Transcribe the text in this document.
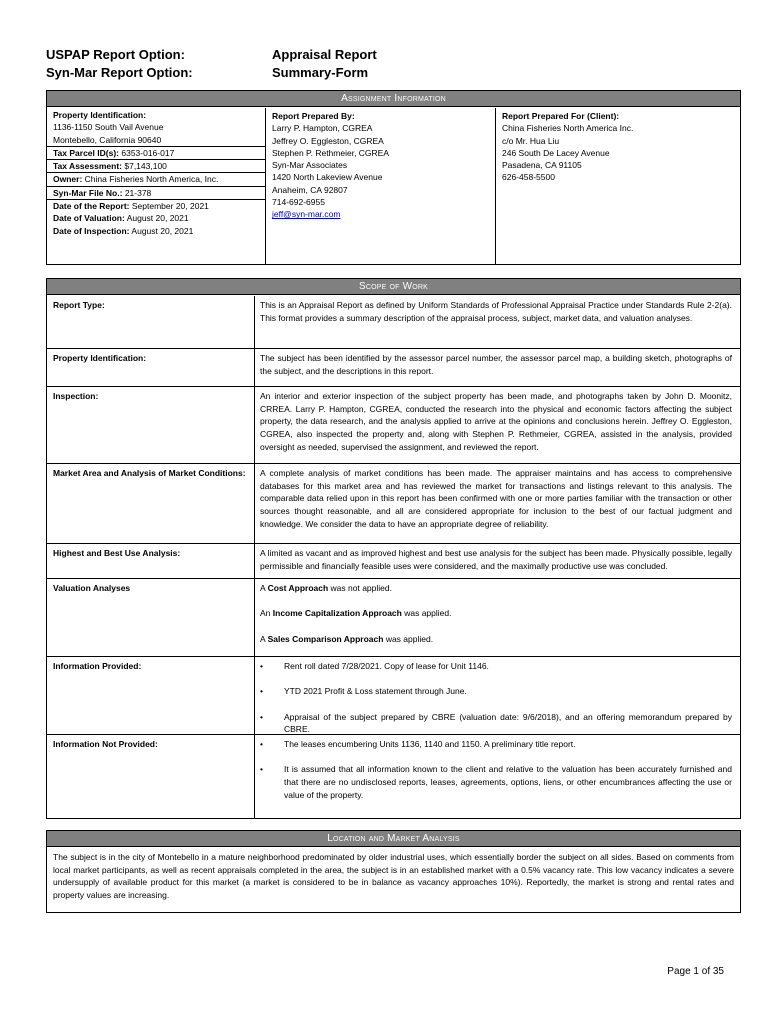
USPAP Report Option:
Syn-Mar Report Option:
Appraisal Report
Summary-Form
Assignment Information
Property Identification:
1136-1150 South Vail Avenue
Montebello, California 90640
Tax Parcel ID(s): 6353-016-017
Tax Assessment: $7,143,100
Owner: China Fisheries North America, Inc.
Syn-Mar File No.: 21-378
Date of the Report: September 20, 2021
Date of Valuation: August 20, 2021
Date of Inspection: August 20, 2021
Report Prepared By:
Larry P. Hampton, CGREA
Jeffrey O. Eggleston, CGREA
Stephen P. Rethmeier, CGREA
Syn-Mar Associates
1420 North Lakeview Avenue
Anaheim, CA 92807
714-692-6955
jeff@syn-mar.com
Report Prepared For (Client):
China Fisheries North America Inc.
c/o Mr. Hua Liu
246 South De Lacey Avenue
Pasadena, CA 91105
626-458-5500
Scope of Work
Report Type:	This is an Appraisal Report as defined by Uniform Standards of Professional Appraisal Practice under Standards Rule 2-2(a). This format provides a summary description of the appraisal process, subject, market data, and valuation analyses.
Property Identification:	The subject has been identified by the assessor parcel number, the assessor parcel map, a building sketch, photographs of the subject, and the descriptions in this report.
Inspection:	An interior and exterior inspection of the subject property has been made, and photographs taken by John D. Moonitz, CRREA. Larry P. Hampton, CGREA, conducted the research into the physical and economic factors affecting the subject property, the data research, and the analysis applied to arrive at the opinions and conclusions herein. Jeffrey O. Eggleston, CGREA, also inspected the property and, along with Stephen P. Rethmeier, CGREA, assisted in the analysis, provided oversight as needed, supervised the assignment, and reviewed the report.
Market Area and Analysis of Market Conditions:	A complete analysis of market conditions has been made. The appraiser maintains and has access to comprehensive databases for this market area and has reviewed the market for transactions and listings relevant to this analysis. The comparable data relied upon in this report has been confirmed with one or more parties familiar with the transaction or other sources thought reasonable, and all are considered appropriate for inclusion to the best of our factual judgment and knowledge. We consider the data to have an appropriate degree of reliability.
Highest and Best Use Analysis:	A limited as vacant and as improved highest and best use analysis for the subject has been made. Physically possible, legally permissible and financially feasible uses were considered, and the maximally productive use was concluded.
Valuation Analyses	A Cost Approach was not applied.
An Income Capitalization Approach was applied.
A Sales Comparison Approach was applied.
Information Provided:	• Rent roll dated 7/28/2021. Copy of lease for Unit 1146.
• YTD 2021 Profit & Loss statement through June.
• Appraisal of the subject prepared by CBRE (valuation date: 9/6/2018), and an offering memorandum prepared by CBRE.
Information Not Provided:	• The leases encumbering Units 1136, 1140 and 1150. A preliminary title report.
• It is assumed that all information known to the client and relative to the valuation has been accurately furnished and that there are no undisclosed reports, leases, agreements, options, liens, or other encumbrances affecting the use or value of the property.
Location and Market Analysis
The subject is in the city of Montebello in a mature neighborhood predominated by older industrial uses, which essentially border the subject on all sides. Based on comments from local market participants, as well as recent appraisals completed in the area, the subject is in an established market with a 0.5% vacancy rate. This low vacancy indicates a severe undersupply of available product for this market (a market is considered to be in balance as vacancy approaches 10%). Reportedly, the market is strong and rental rates and property values are increasing.
Page 1 of 35
